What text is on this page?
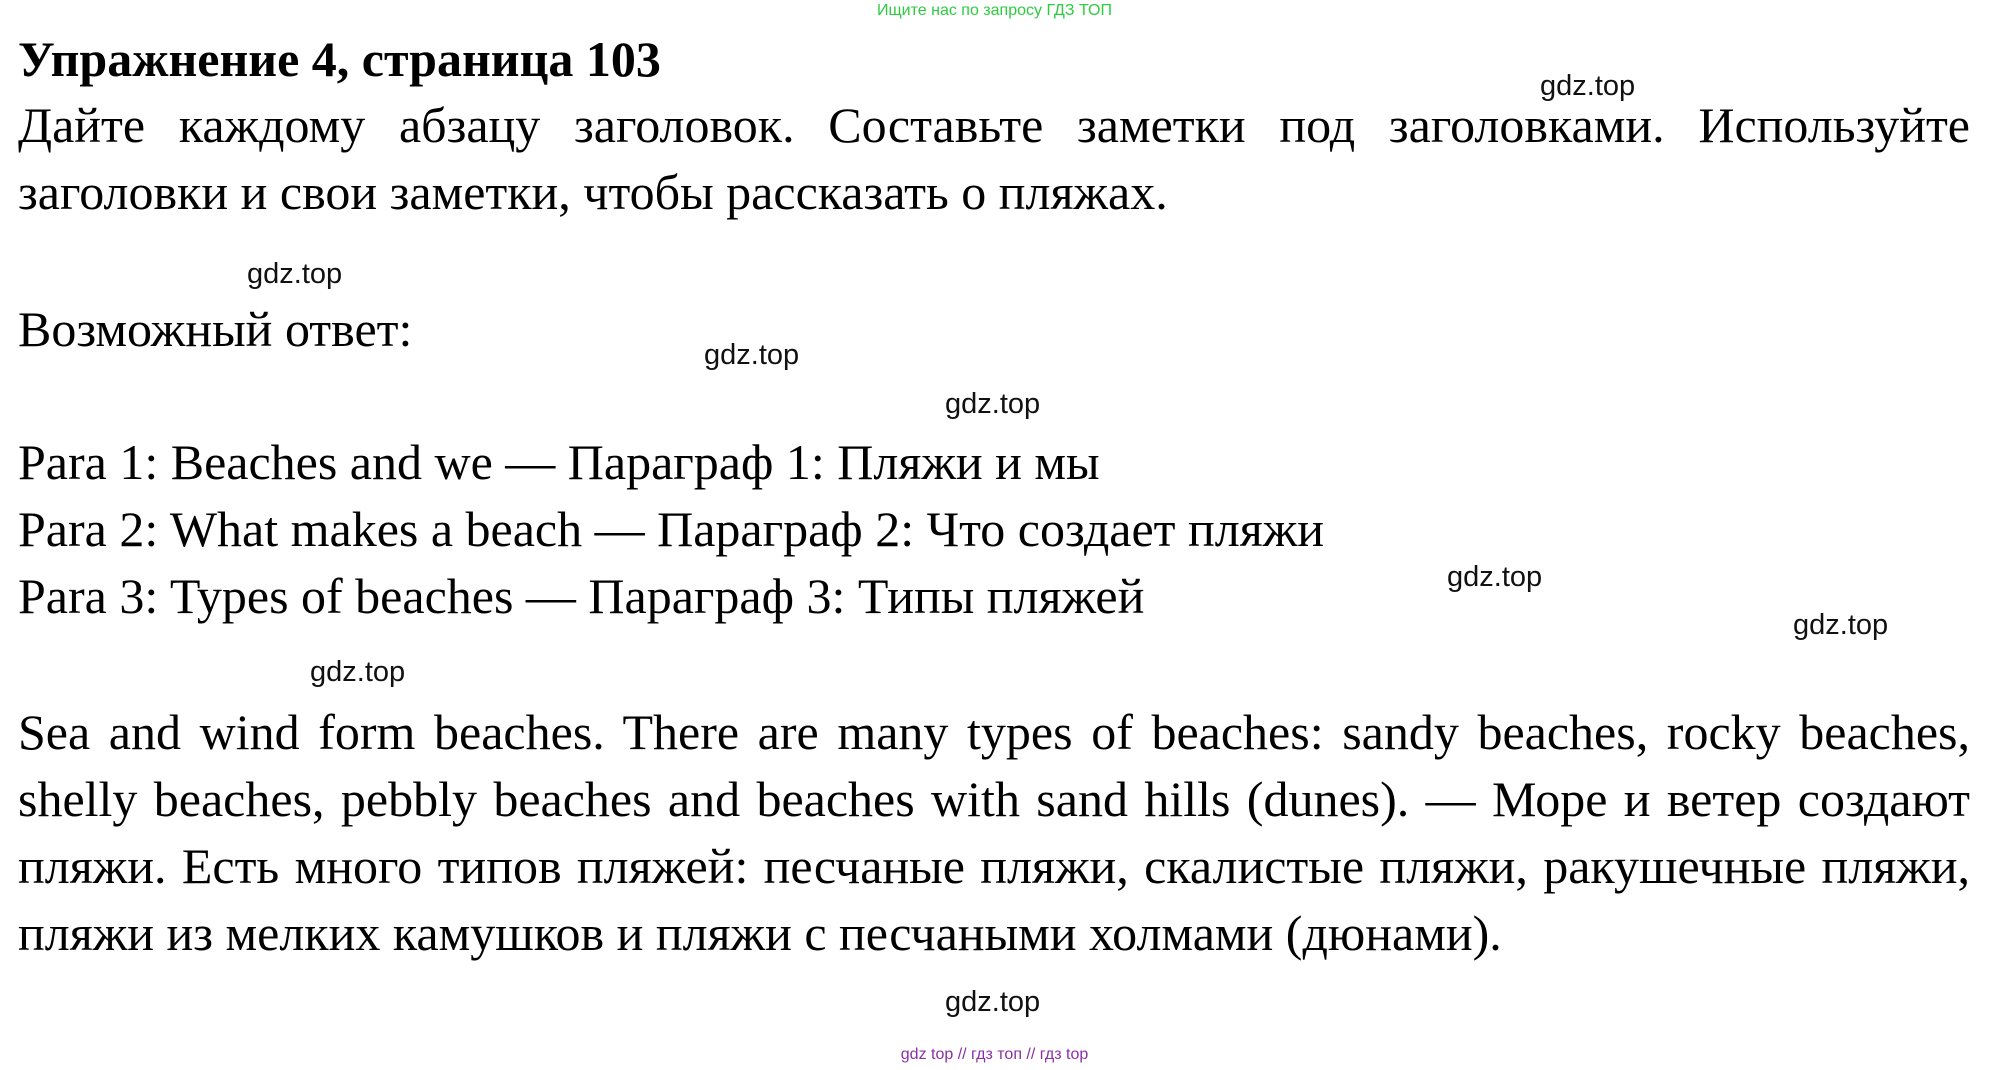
Ищите нас по запросу ГДЗ ТОП
Упражнение 4, страница 103
Дайте каждому абзацу заголовок. Составьте заметки под заголовками. Используйте заголовки и свои заметки, чтобы рассказать о пляжах.
Возможный ответ:
Para 1: Beaches and we — Параграф 1: Пляжи и мы
Para 2: What makes a beach — Параграф 2: Что создает пляжи
Para 3: Types of beaches — Параграф 3: Типы пляжей
Sea and wind form beaches. There are many types of beaches: sandy beaches, rocky beaches, shelly beaches, pebbly beaches and beaches with sand hills (dunes). — Море и ветер создают пляжи. Есть много типов пляжей: песчаные пляжи, скалистые пляжи, ракушечные пляжи, пляжи из мелких камушков и пляжи с песчаными холмами (дюнами).
gdz.top
gdz.top
gdz.top
gdz.top
gdz.top
gdz.top
gdz.top
gdz.top
gdz top // гдз топ // гдз top
